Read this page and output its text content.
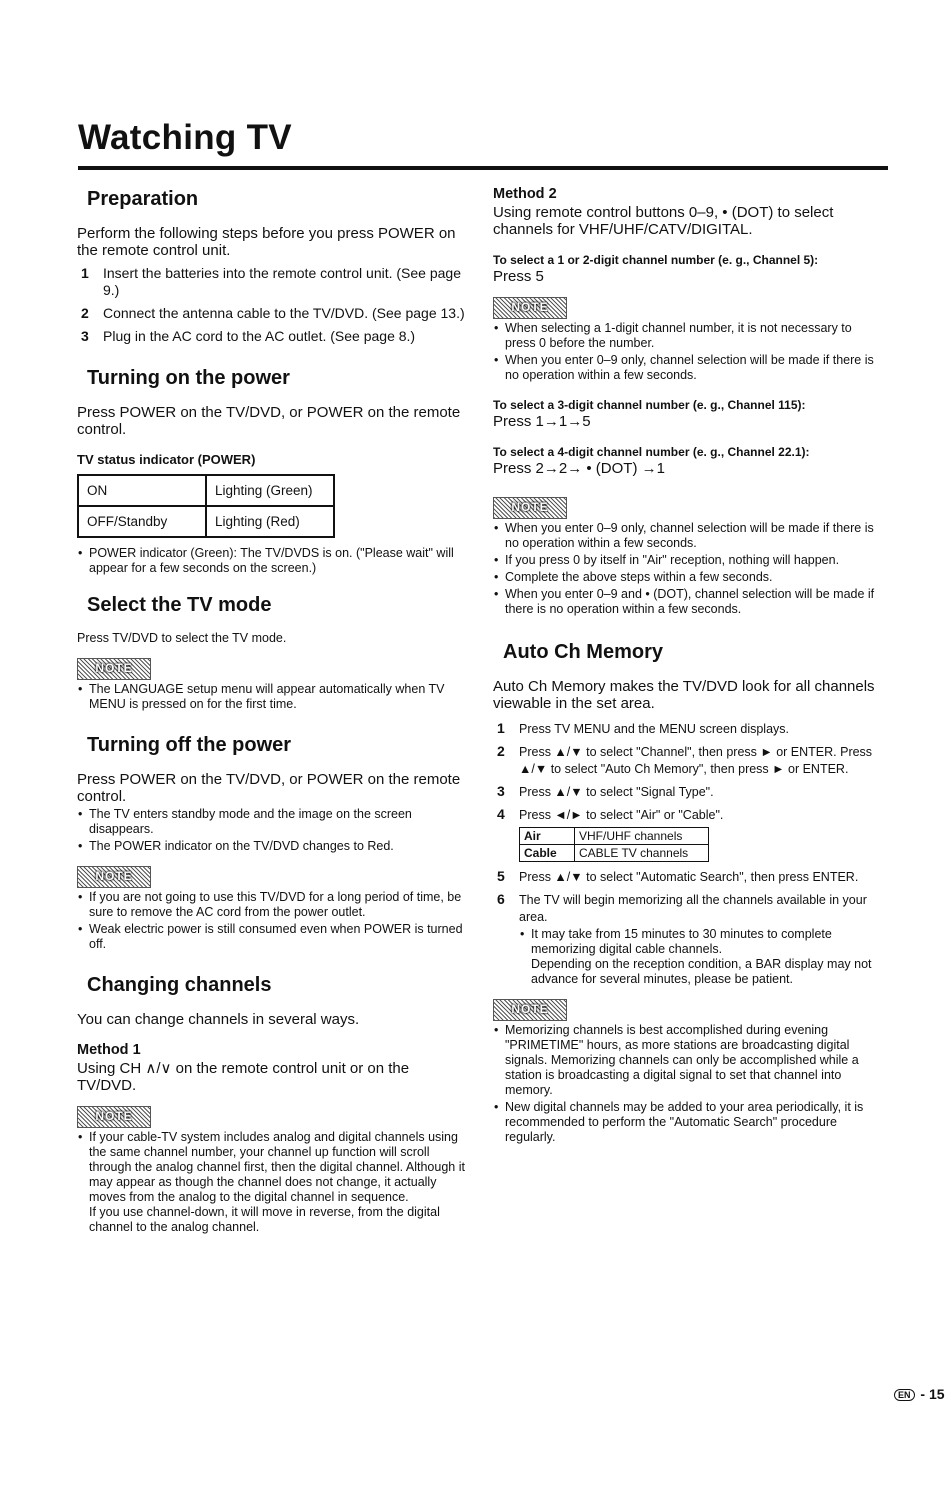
Watching TV
Preparation

Perform the following steps before you press POWER on the remote control unit.

1 Insert the batteries into the remote control unit. (See page 9.)
2 Connect the antenna cable to the TV/DVD. (See page 13.)
3 Plug in the AC cord to the AC outlet. (See page 8.)
Turning on the power

Press POWER on the TV/DVD, or POWER on the remote control.

TV status indicator (POWER)
ON	Lighting (Green)
OFF/Standby	Lighting (Red)
• POWER indicator (Green): The TV/DVDS is on. ("Please wait" will appear for a few seconds on the screen.)
Select the TV mode

Press TV/DVD to select the TV mode.

NOTE
• The LANGUAGE setup menu will appear automatically when TV MENU is pressed on for the first time.
Turning off the power

Press POWER on the TV/DVD, or POWER on the remote control.

• The TV enters standby mode and the image on the screen disappears.
• The POWER indicator on the TV/DVD changes to Red.
NOTE
• If you are not going to use this TV/DVD for a long period of time, be sure to remove the AC cord from the power outlet.
• Weak electric power is still consumed even when POWER is turned off.
Changing channels

You can change channels in several ways.

Method 1

Using CH ∧/∨ on the remote control unit or on the TV/DVD.

NOTE
• If your cable-TV system includes analog and digital channels using the same channel number, your channel up function will scroll through the analog channel first, then the digital channel. Although it may appear as though the channel does not change, it actually moves from the analog to the digital channel in sequence.
If you use channel-down, it will move in reverse, from the digital channel to the analog channel.
Method 2

Using remote control buttons 0–9, • (DOT) to select channels for VHF/UHF/CATV/DIGITAL.

To select a 1 or 2-digit channel number (e. g., Channel 5):

Press 5

NOTE
• When selecting a 1-digit channel number, it is not necessary to press 0 before the number.
• When you enter 0–9 only, channel selection will be made if there is no operation within a few seconds.
To select a 3-digit channel number (e. g., Channel 115):

Press 1→1→5

To select a 4-digit channel number (e. g., Channel 22.1):

Press 2→2→ • (DOT) →1

NOTE
• When you enter 0–9 only, channel selection will be made if there is no operation within a few seconds.
• If you press 0 by itself in "Air" reception, nothing will happen.
• Complete the above steps within a few seconds.
• When you enter 0–9 and • (DOT), channel selection will be made if there is no operation within a few seconds.
Auto Ch Memory

Auto Ch Memory makes the TV/DVD look for all channels viewable in the set area.

1 Press TV MENU and the MENU screen displays.
2 Press ▲/▼ to select "Channel", then press ► or ENTER. Press ▲/▼ to select "Auto Ch Memory", then press ► or ENTER.
3 Press ▲/▼ to select "Signal Type".
4 Press ◄/► to select "Air" or "Cable".
Air	VHF/UHF channels
Cable	CABLE TV channels
5 Press ▲/▼ to select "Automatic Search", then press ENTER.
6 The TV will begin memorizing all the channels available in your area.
• It may take from 15 minutes to 30 minutes to complete memorizing digital cable channels.
Depending on the reception condition, a BAR display may not advance for several minutes, please be patient.
NOTE
• Memorizing channels is best accomplished during evening "PRIMETIME" hours, as more stations are broadcasting digital signals. Memorizing channels can only be accomplished while a station is broadcasting a digital signal to set that channel into memory.
• New digital channels may be added to your area periodically, it is recommended to perform the "Automatic Search" procedure regularly.
EN - 15
